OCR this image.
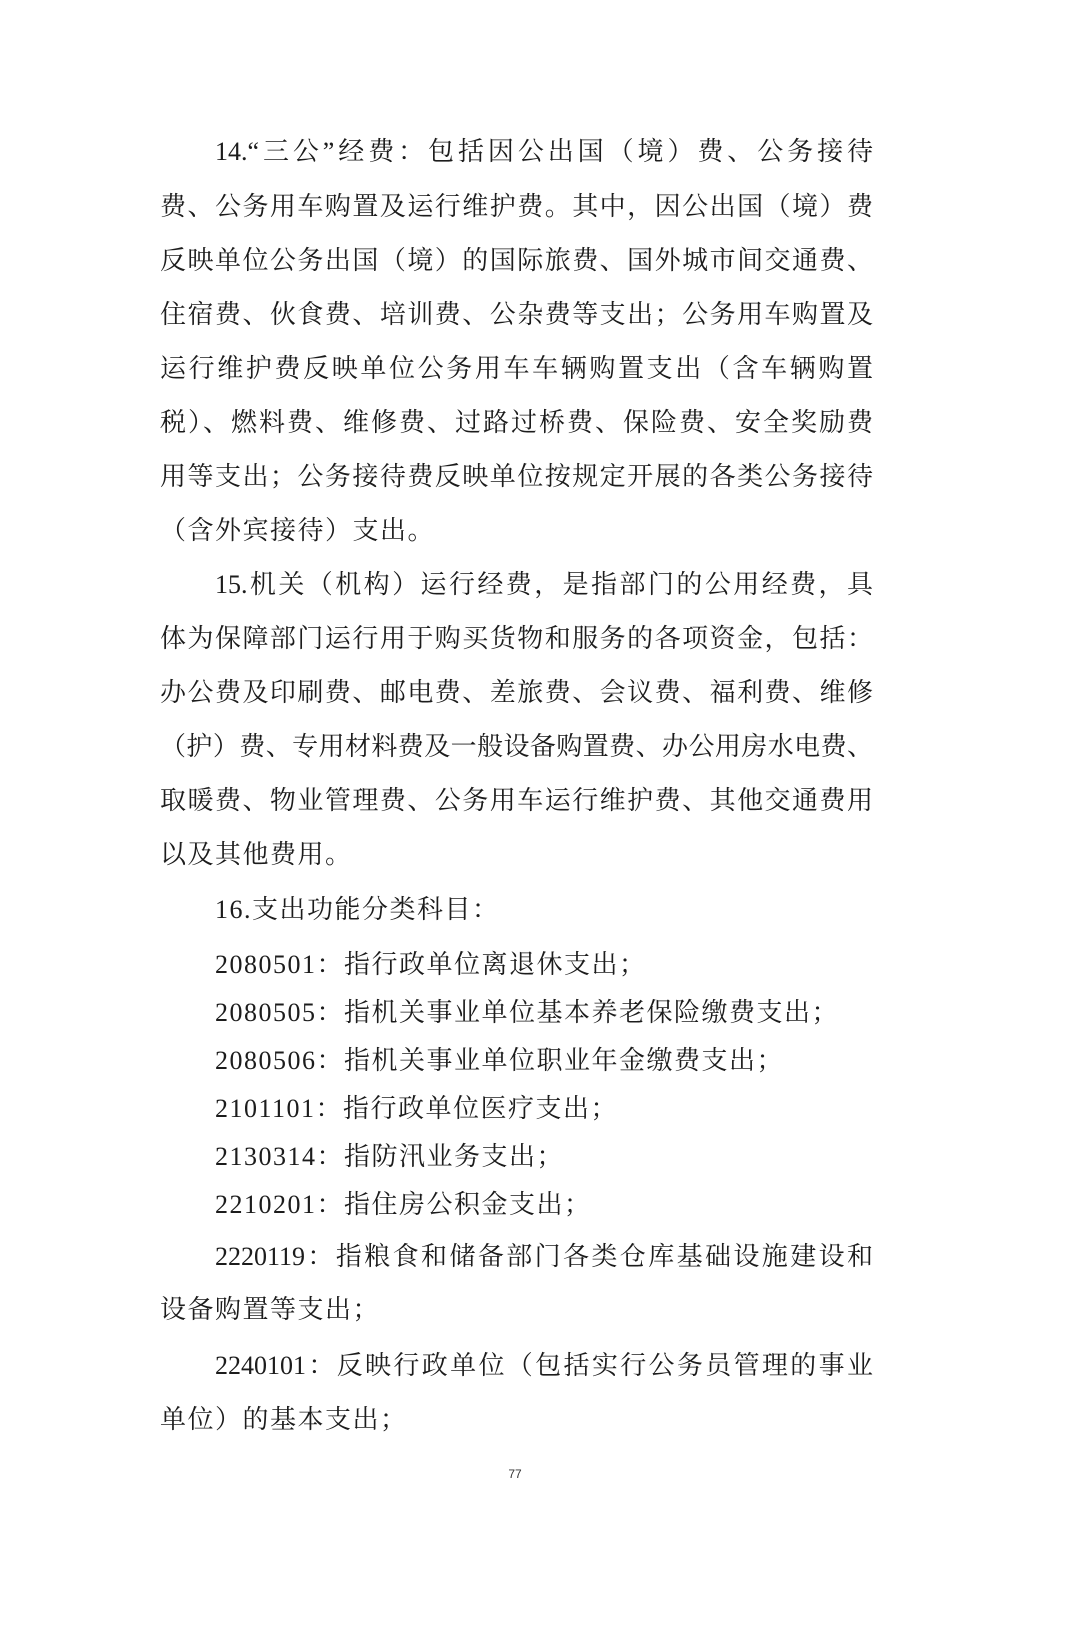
14.“三公”经费：包括因公出国（境）费、公务接待
费、公务用车购置及运行维护费。其中，因公出国（境）费
反映单位公务出国（境）的国际旅费、国外城市间交通费、
住宿费、伙食费、培训费、公杂费等支出；公务用车购置及
运行维护费反映单位公务用车车辆购置支出（含车辆购置
税）、燃料费、维修费、过路过桥费、保险费、安全奖励费
用等支出；公务接待费反映单位按规定开展的各类公务接待
（含外宾接待）支出。
15.机关（机构）运行经费，是指部门的公用经费，具
体为保障部门运行用于购买货物和服务的各项资金，包括：
办公费及印刷费、邮电费、差旅费、会议费、福利费、维修
（护）费、专用材料费及一般设备购置费、办公用房水电费、
取暖费、物业管理费、公务用车运行维护费、其他交通费用
以及其他费用。
16.支出功能分类科目：
2080501：指行政单位离退休支出；
2080505：指机关事业单位基本养老保险缴费支出；
2080506：指机关事业单位职业年金缴费支出；
2101101：指行政单位医疗支出；
2130314：指防汛业务支出；
2210201：指住房公积金支出；
2220119：指粮食和储备部门各类仓库基础设施建设和
设备购置等支出；
2240101：反映行政单位（包括实行公务员管理的事业
单位）的基本支出；
77
